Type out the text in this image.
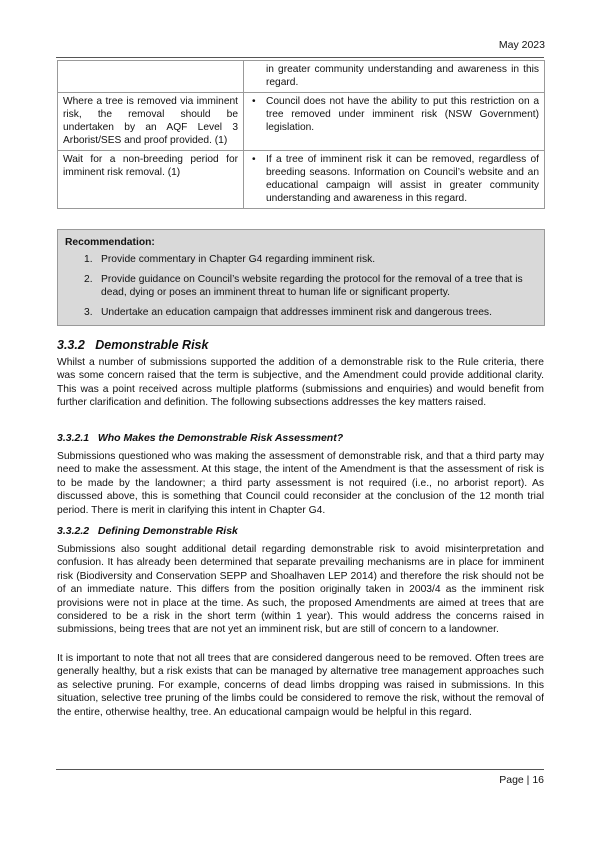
May 2023
	in greater community understanding and awareness in this regard.
Where a tree is removed via imminent risk, the removal should be undertaken by an AQF Level 3 Arborist/SES and proof provided. (1)	• Council does not have the ability to put this restriction on a tree removed under imminent risk (NSW Government) legislation.
Wait for a non-breeding period for imminent risk removal. (1)	• If a tree of imminent risk it can be removed, regardless of breeding seasons. Information on Council’s website and an educational campaign will assist in greater community understanding and awareness in this regard.
Recommendation:
1. Provide commentary in Chapter G4 regarding imminent risk.
2. Provide guidance on Council’s website regarding the protocol for the removal of a tree that is dead, dying or poses an imminent threat to human life or significant property.
3. Undertake an education campaign that addresses imminent risk and dangerous trees.
3.3.2   Demonstrable Risk
Whilst a number of submissions supported the addition of a demonstrable risk to the Rule criteria, there was some concern raised that the term is subjective, and the Amendment could provide additional clarity. This was a point received across multiple platforms (submissions and enquiries) and would benefit from further clarification and definition. The following subsections addresses the key matters raised.
3.3.2.1   Who Makes the Demonstrable Risk Assessment?
Submissions questioned who was making the assessment of demonstrable risk, and that a third party may need to make the assessment. At this stage, the intent of the Amendment is that the assessment of risk is to be made by the landowner; a third party assessment is not required (i.e., no arborist report). As discussed above, this is something that Council could reconsider at the conclusion of the 12 month trial period. There is merit in clarifying this intent in Chapter G4.
3.3.2.2   Defining Demonstrable Risk
Submissions also sought additional detail regarding demonstrable risk to avoid misinterpretation and confusion. It has already been determined that separate prevailing mechanisms are in place for imminent risk (Biodiversity and Conservation SEPP and Shoalhaven LEP 2014) and therefore the risk should not be of an immediate nature. This differs from the position originally taken in 2003/4 as the imminent risk provisions were not in place at the time. As such, the proposed Amendments are aimed at trees that are considered to be a risk in the short term (within 1 year). This would address the concerns raised in submissions, being trees that are not yet an imminent risk, but are still of concern to a landowner.
It is important to note that not all trees that are considered dangerous need to be removed. Often trees are generally healthy, but a risk exists that can be managed by alternative tree management approaches such as selective pruning. For example, concerns of dead limbs dropping was raised in submissions. In this situation, selective tree pruning of the limbs could be considered to remove the risk, without the removal of the entire, otherwise healthy, tree. An educational campaign would be helpful in this regard.
Page | 16
